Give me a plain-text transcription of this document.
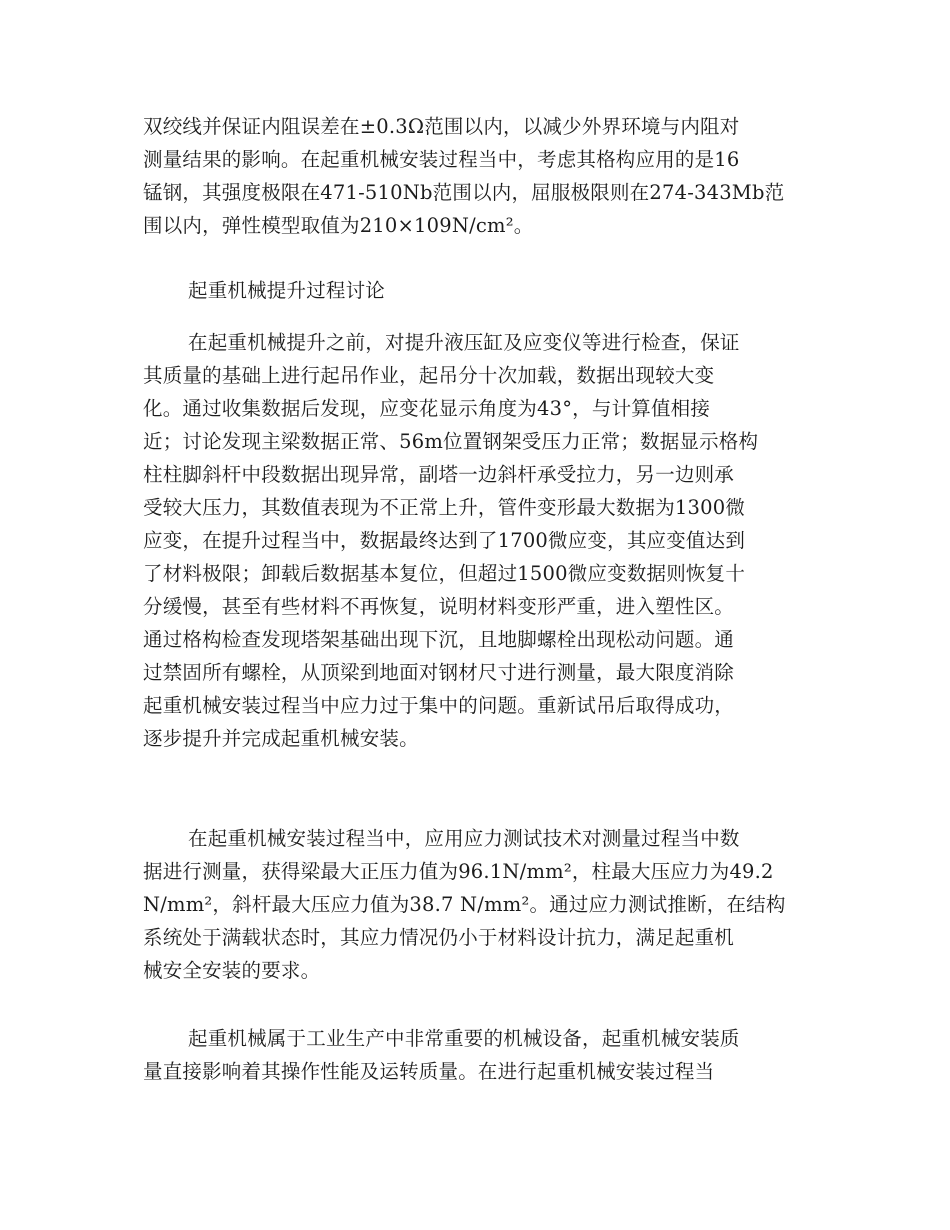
双绞线并保证内阻误差在±0.3Ω范围以内，以减少外界环境与内阻对
测量结果的影响。在起重机械安装过程当中，考虑其格构应用的是16
锰钢，其强度极限在471-510Nb范围以内，屈服极限则在274-343Mb范
围以内，弹性模型取值为210×109N/cm²。
起重机械提升过程讨论
在起重机械提升之前，对提升液压缸及应变仪等进行检查，保证
其质量的基础上进行起吊作业，起吊分十次加载，数据出现较大变
化。通过收集数据后发现，应变花显示角度为43°，与计算值相接
近；讨论发现主梁数据正常、56m位置钢架受压力正常；数据显示格构
柱柱脚斜杆中段数据出现异常，副塔一边斜杆承受拉力，另一边则承
受较大压力，其数值表现为不正常上升，管件变形最大数据为1300微
应变，在提升过程当中，数据最终达到了1700微应变，其应变值达到
了材料极限；卸载后数据基本复位，但超过1500微应变数据则恢复十
分缓慢，甚至有些材料不再恢复，说明材料变形严重，进入塑性区。
通过格构检查发现塔架基础出现下沉，且地脚螺栓出现松动问题。通
过禁固所有螺栓，从顶梁到地面对钢材尺寸进行测量，最大限度消除
起重机械安装过程当中应力过于集中的问题。重新试吊后取得成功，
逐步提升并完成起重机械安装。
在起重机械安装过程当中，应用应力测试技术对测量过程当中数
据进行测量，获得梁最大正压力值为96.1N/mm²，柱最大压应力为49.2
N/mm²，斜杆最大压应力值为38.7 N/mm²。通过应力测试推断，在结构
系统处于满载状态时，其应力情况仍小于材料设计抗力，满足起重机
械安全安装的要求。
起重机械属于工业生产中非常重要的机械设备，起重机械安装质
量直接影响着其操作性能及运转质量。在进行起重机械安装过程当
